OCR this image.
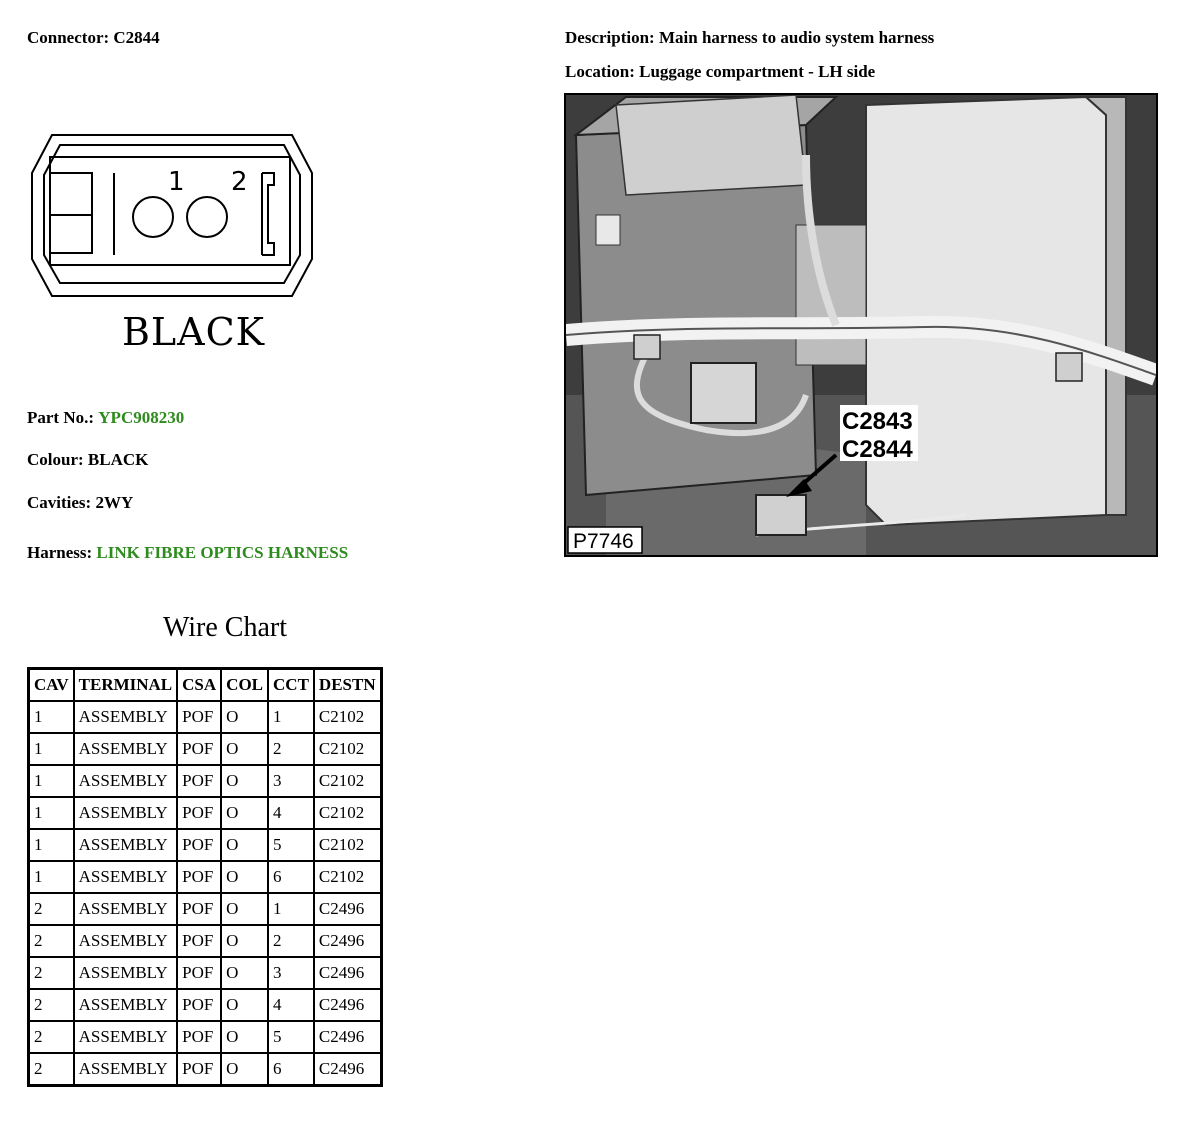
Connector: C2844	Description: Main harness to audio system harness
Location: Luggage compartment - LH side
1 2
BLACK
C2843
C2844
P7746
Part No.: YPC908230
Colour: BLACK
Cavities: 2WY
Harness: LINK FIBRE OPTICS HARNESS
Wire Chart
CAV	TERMINAL	CSA	COL	CCT	DESTN
1	ASSEMBLY	POF	O	1	C2102
1	ASSEMBLY	POF	O	2	C2102
1	ASSEMBLY	POF	O	3	C2102
1	ASSEMBLY	POF	O	4	C2102
1	ASSEMBLY	POF	O	5	C2102
1	ASSEMBLY	POF	O	6	C2102
2	ASSEMBLY	POF	O	1	C2496
2	ASSEMBLY	POF	O	2	C2496
2	ASSEMBLY	POF	O	3	C2496
2	ASSEMBLY	POF	O	4	C2496
2	ASSEMBLY	POF	O	5	C2496
2	ASSEMBLY	POF	O	6	C2496
